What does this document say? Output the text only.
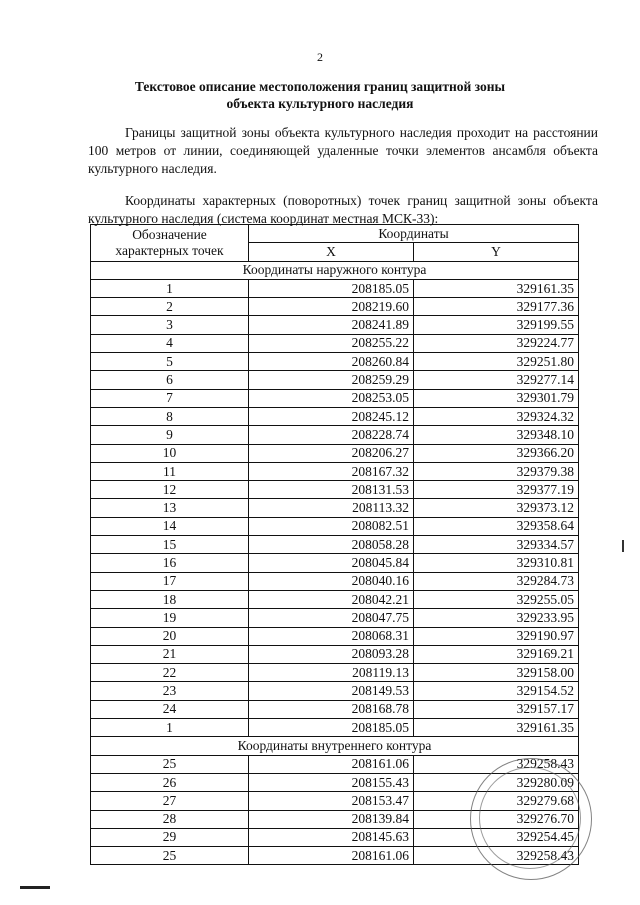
2
Текстовое описание местоположения границ защитной зоны
объекта культурного наследия
Границы защитной зоны объекта культурного наследия проходит на расстоянии 100 метров от линии, соединяющей удаленные точки элементов ансамбля объекта культурного наследия.
Координаты характерных (поворотных) точек границ защитной зоны объекта культурного наследия (система координат местная МСК-33):
Обозначение
характерных точек	Координаты	
	X	Y
Координаты наружного контура		
1	208185.05	329161.35
2	208219.60	329177.36
3	208241.89	329199.55
4	208255.22	329224.77
5	208260.84	329251.80
6	208259.29	329277.14
7	208253.05	329301.79
8	208245.12	329324.32
9	208228.74	329348.10
10	208206.27	329366.20
11	208167.32	329379.38
12	208131.53	329377.19
13	208113.32	329373.12
14	208082.51	329358.64
15	208058.28	329334.57
16	208045.84	329310.81
17	208040.16	329284.73
18	208042.21	329255.05
19	208047.75	329233.95
20	208068.31	329190.97
21	208093.28	329169.21
22	208119.13	329158.00
23	208149.53	329154.52
24	208168.78	329157.17
1	208185.05	329161.35
Координаты внутреннего контура		
25	208161.06	329258.43
26	208155.43	329280.09
27	208153.47	329279.68
28	208139.84	329276.70
29	208145.63	329254.45
25	208161.06	329258.43
